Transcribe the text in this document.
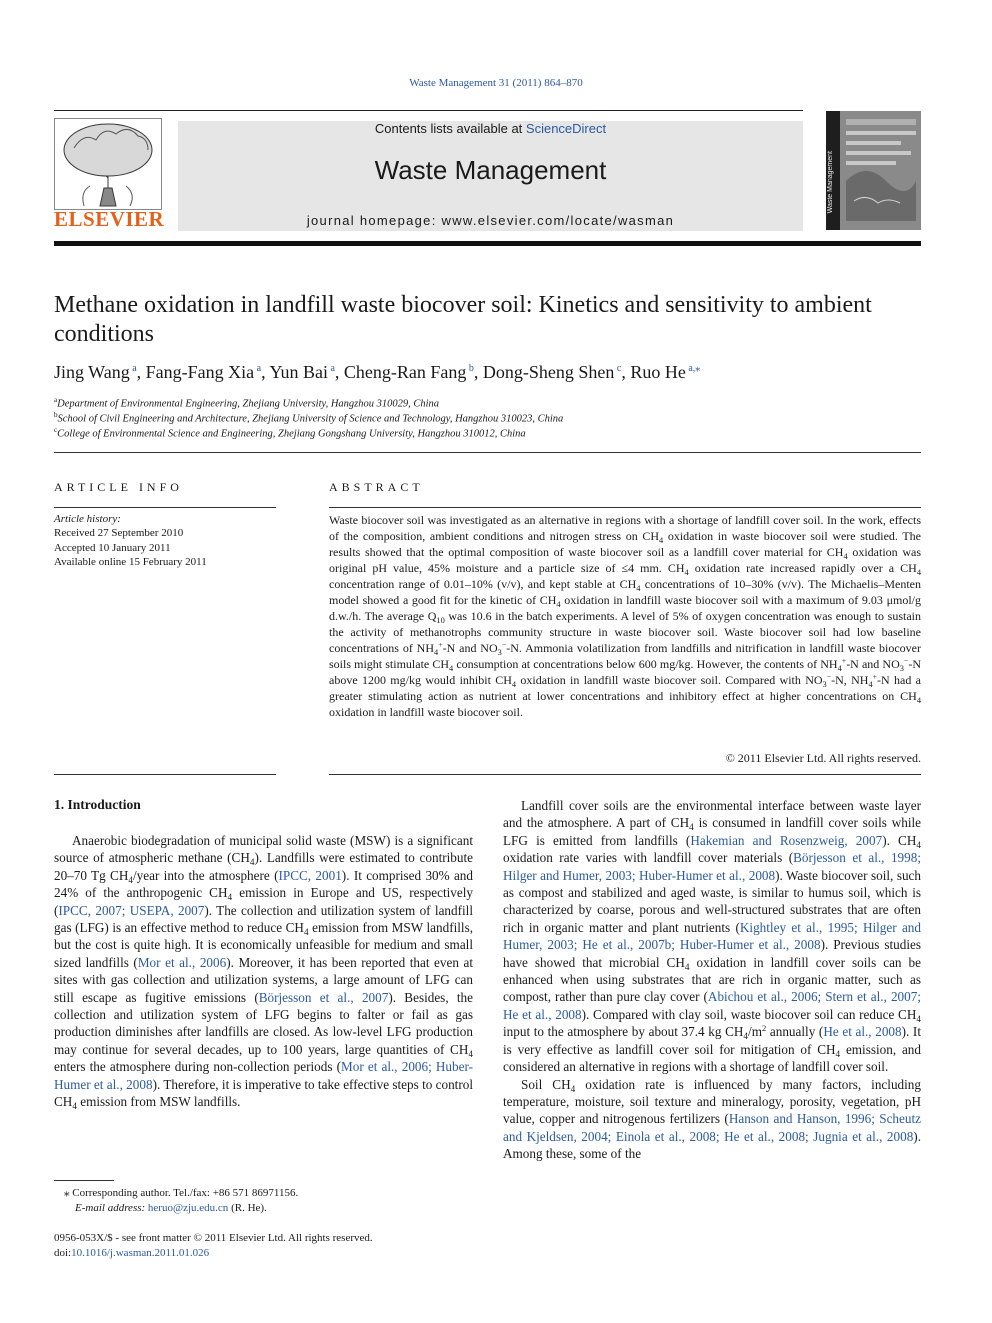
Waste Management 31 (2011) 864–870
ELSEVIER
Contents lists available at ScienceDirect
Waste Management
journal homepage: www.elsevier.com/locate/wasman
Waste Management
Methane oxidation in landfill waste biocover soil: Kinetics and sensitivity to ambient conditions
Jing Wang $^a$, Fang-Fang Xia $^a$, Yun Bai $^a$, Cheng-Ran Fang $^b$, Dong-Sheng Shen $^c$, Ruo He $^{a,⁎}$
$^a$Department of Environmental Engineering, Zhejiang University, Hangzhou 310029, China
$^b$School of Civil Engineering and Architecture, Zhejiang University of Science and Technology, Hangzhou 310023, China
$^c$College of Environmental Science and Engineering, Zhejiang Gongshang University, Hangzhou 310012, China
ARTICLE INFO
Article history:
Received 27 September 2010
Accepted 10 January 2011
Available online 15 February 2011
ABSTRACT
Waste biocover soil was investigated as an alternative in regions with a shortage of landfill cover soil. In the work, effects of the composition, ambient conditions and nitrogen stress on $CH_4$ oxidation in waste biocover soil were studied. The results showed that the optimal composition of waste biocover soil as a landfill cover material for $CH_4$ oxidation was original pH value, 45% moisture and a particle size of ≤4 mm. $CH_4$ oxidation rate increased rapidly over a $CH_4$ concentration range of 0.01–10% (v/v), and kept stable at $CH_4$ concentrations of 10–30% (v/v). The Michaelis–Menten model showed a good fit for the kinetic of $CH_4$ oxidation in landfill waste biocover soil with a maximum of 9.03 μmol/g d.w./h. The average $Q_{10}$ was 10.6 in the batch experiments. A level of 5% of oxygen concentration was enough to sustain the activity of methanotrophs community structure in waste biocover soil. Waste biocover soil had low baseline concentrations of $NH_4^+-N$ and $NO_3^--N$. Ammonia volatilization from landfills and nitrification in landfill waste biocover soils might stimulate $CH_4$ consumption at concentrations below 600 mg/kg. However, the contents of $NH_4^+-N$ and $NO_3^--N$ above 1200 mg/kg would inhibit $CH_4$ oxidation in landfill waste biocover soil. Compared with $NO_3^--N$, $NH_4^+-N$ had a greater stimulating action as nutrient at lower concentrations and inhibitory effect at higher concentrations on $CH_4$ oxidation in landfill waste biocover soil.
© 2011 Elsevier Ltd. All rights reserved.
1. Introduction

Anaerobic biodegradation of municipal solid waste (MSW) is a significant source of atmospheric methane $(CH_4)$. Landfills were estimated to contribute 20–70 Tg $CH_4$/year into the atmosphere (IPCC, 2001). It comprised 30% and 24% of the anthropogenic $CH_4$ emission in Europe and US, respectively (IPCC, 2007; USEPA, 2007). The collection and utilization system of landfill gas (LFG) is an effective method to reduce $CH_4$ emission from MSW landfills, but the cost is quite high. It is economically unfeasible for medium and small sized landfills (Mor et al., 2006). Moreover, it has been reported that even at sites with gas collection and utilization systems, a large amount of LFG can still escape as fugitive emissions (Börjesson et al., 2007). Besides, the collection and utilization system of LFG begins to falter or fail as gas production diminishes after landfills are closed. As low-level LFG production may continue for several decades, up to 100 years, large quantities of $CH_4$ enters the atmosphere during non-collection periods (Mor et al., 2006; Huber-Humer et al., 2008). Therefore, it is imperative to take effective steps to control $CH_4$ emission from MSW landfills.

Landfill cover soils are the environmental interface between waste layer and the atmosphere. A part of $CH_4$ is consumed in landfill cover soils while LFG is emitted from landfills (Hakemian and Rosenzweig, 2007). $CH_4$ oxidation rate varies with landfill cover materials (Börjesson et al., 1998; Hilger and Humer, 2003; Huber-Humer et al., 2008). Waste biocover soil, such as compost and stabilized and aged waste, is similar to humus soil, which is characterized by coarse, porous and well-structured substrates that are often rich in organic matter and plant nutrients (Kightley et al., 1995; Hilger and Humer, 2003; He et al., 2007b; Huber-Humer et al., 2008). Previous studies have showed that microbial $CH_4$ oxidation in landfill cover soils can be enhanced when using substrates that are rich in organic matter, such as compost, rather than pure clay cover (Abichou et al., 2006; Stern et al., 2007; He et al., 2008). Compared with clay soil, waste biocover soil can reduce $CH_4$ input to the atmosphere by about 37.4 kg $CH_4/m^2$ annually (He et al., 2008). It is very effective as landfill cover soil for mitigation of $CH_4$ emission, and considered an alternative in regions with a shortage of landfill cover soil.

Soil $CH_4$ oxidation rate is influenced by many factors, including temperature, moisture, soil texture and mineralogy, porosity, vegetation, pH value, copper and nitrogenous fertilizers (Hanson and Hanson, 1996; Scheutz and Kjeldsen, 2004; Einola et al., 2008; He et al., 2008; Jugnia et al., 2008). Among these, some of the

⁎ Corresponding author. Tel./fax: +86 571 86971156.
E-mail address: heruo@zju.edu.cn (R. He).
0956-053X/$ - see front matter © 2011 Elsevier Ltd. All rights reserved.
doi:10.1016/j.wasman.2011.01.026
